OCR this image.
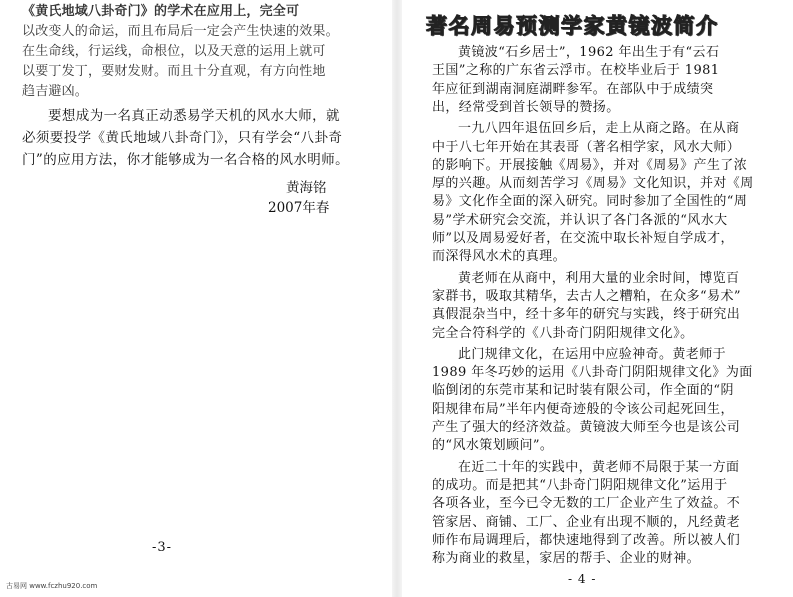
《黄氏地域八卦奇门》的学术在应用上，完全可
以改变人的命运，而且布局后一定会产生快速的效果。
在生命线，行运线，命根位，以及天意的运用上就可
以要丁发丁，要财发财。而且十分直观，有方向性地
趋吉避凶。
要想成为一名真正动悉易学天机的风水大师，就
必须要投学《黄氏地域八卦奇门》，只有学会“八卦奇
门”的应用方法，你才能够成为一名合格的风水明师。
黄海铭
2007年春
-3-
著名周易预测学家黄镜波简介
黄镜波“石乡居士”，1962 年出生于有“云石
王国”之称的广东省云浮市。在校毕业后于 1981
年应征到湖南洞庭湖畔参军。在部队中于成绩突
出，经常受到首长领导的赞扬。
一九八四年退伍回乡后，走上从商之路。在从商
中于八七年开始在其表哥（著名相学家，风水大师）
的影响下。开展接触《周易》，并对《周易》产生了浓
厚的兴趣。从而刻苦学习《周易》文化知识，并对《周
易》文化作全面的深入研究。同时参加了全国性的“周
易”学术研究会交流，并认识了各门各派的“风水大
师”以及周易爱好者，在交流中取长补短自学成才，
而深得风水术的真理。
黄老师在从商中，利用大量的业余时间，博览百
家群书，吸取其精华，去古人之糟粕，在众多“易术”
真假混杂当中，经十多年的研究与实践，终于研究出
完全合符科学的《八卦奇门阴阳规律文化》。
此门规律文化，在运用中应验神奇。黄老师于
1989 年冬巧妙的运用《八卦奇门阴阳规律文化》为面
临倒闭的东莞市某和记时装有限公司，作全面的“阴
阳规律布局”半年内便奇迹般的令该公司起死回生，
产生了强大的经济效益。黄镜波大师至今也是该公司
的“风水策划顾问”。
在近二十年的实践中，黄老师不局限于某一方面
的成功。而是把其“八卦奇门阴阳规律文化”运用于
各项各业，至今已令无数的工厂企业产生了效益。不
管家居、商铺、工厂、企业有出现不顺的，凡经黄老
师作布局调理后，都快速地得到了改善。所以被人们
称为商业的救星，家居的帮手、企业的财神。
- 4 -
古易网 www.fczhu920.com
